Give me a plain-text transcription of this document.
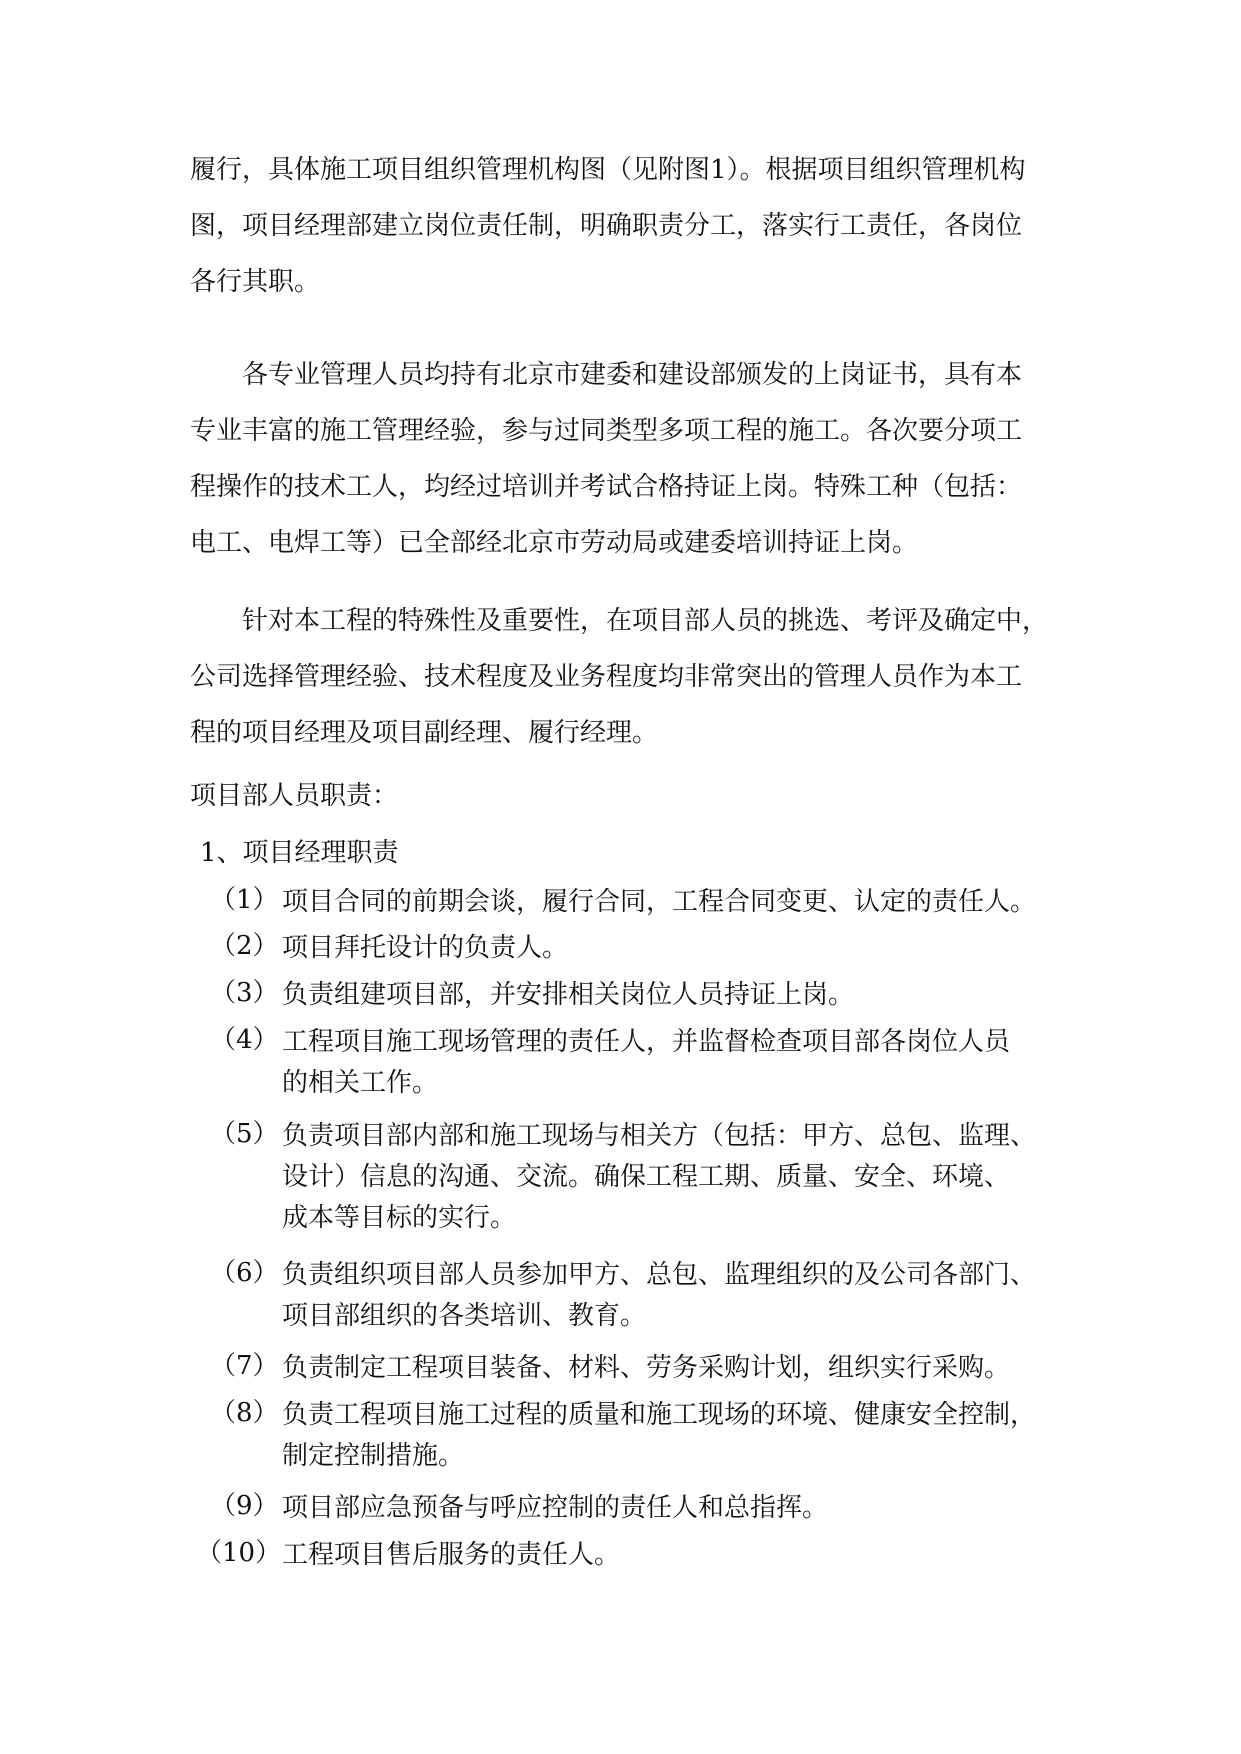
履行，具体施工项目组织管理机构图（见附图1）。根据项目组织管理机构
图，项目经理部建立岗位责任制，明确职责分工，落实行工责任，各岗位
各行其职。
各专业管理人员均持有北京市建委和建设部颁发的上岗证书，具有本
专业丰富的施工管理经验，参与过同类型多项工程的施工。各次要分项工
程操作的技术工人，均经过培训并考试合格持证上岗。特殊工种（包括：
电工、电焊工等）已全部经北京市劳动局或建委培训持证上岗。
针对本工程的特殊性及重要性，在项目部人员的挑选、考评及确定中，
公司选择管理经验、技术程度及业务程度均非常突出的管理人员作为本工
程的项目经理及项目副经理、履行经理。
项目部人员职责：
1、项目经理职责
（1） 项目合同的前期会谈，履行合同，工程合同变更、认定的责任人。
（2） 项目拜托设计的负责人。
（3） 负责组建项目部，并安排相关岗位人员持证上岗。
（4） 工程项目施工现场管理的责任人，并监督检查项目部各岗位人员
的相关工作。
（5） 负责项目部内部和施工现场与相关方（包括：甲方、总包、监理、
设计）信息的沟通、交流。确保工程工期、质量、安全、环境、
成本等目标的实行。
（6） 负责组织项目部人员参加甲方、总包、监理组织的及公司各部门、
项目部组织的各类培训、教育。
（7） 负责制定工程项目装备、材料、劳务采购计划，组织实行采购。
（8） 负责工程项目施工过程的质量和施工现场的环境、健康安全控制，
制定控制措施。
（9） 项目部应急预备与呼应控制的责任人和总指挥。
（10） 工程项目售后服务的责任人。
